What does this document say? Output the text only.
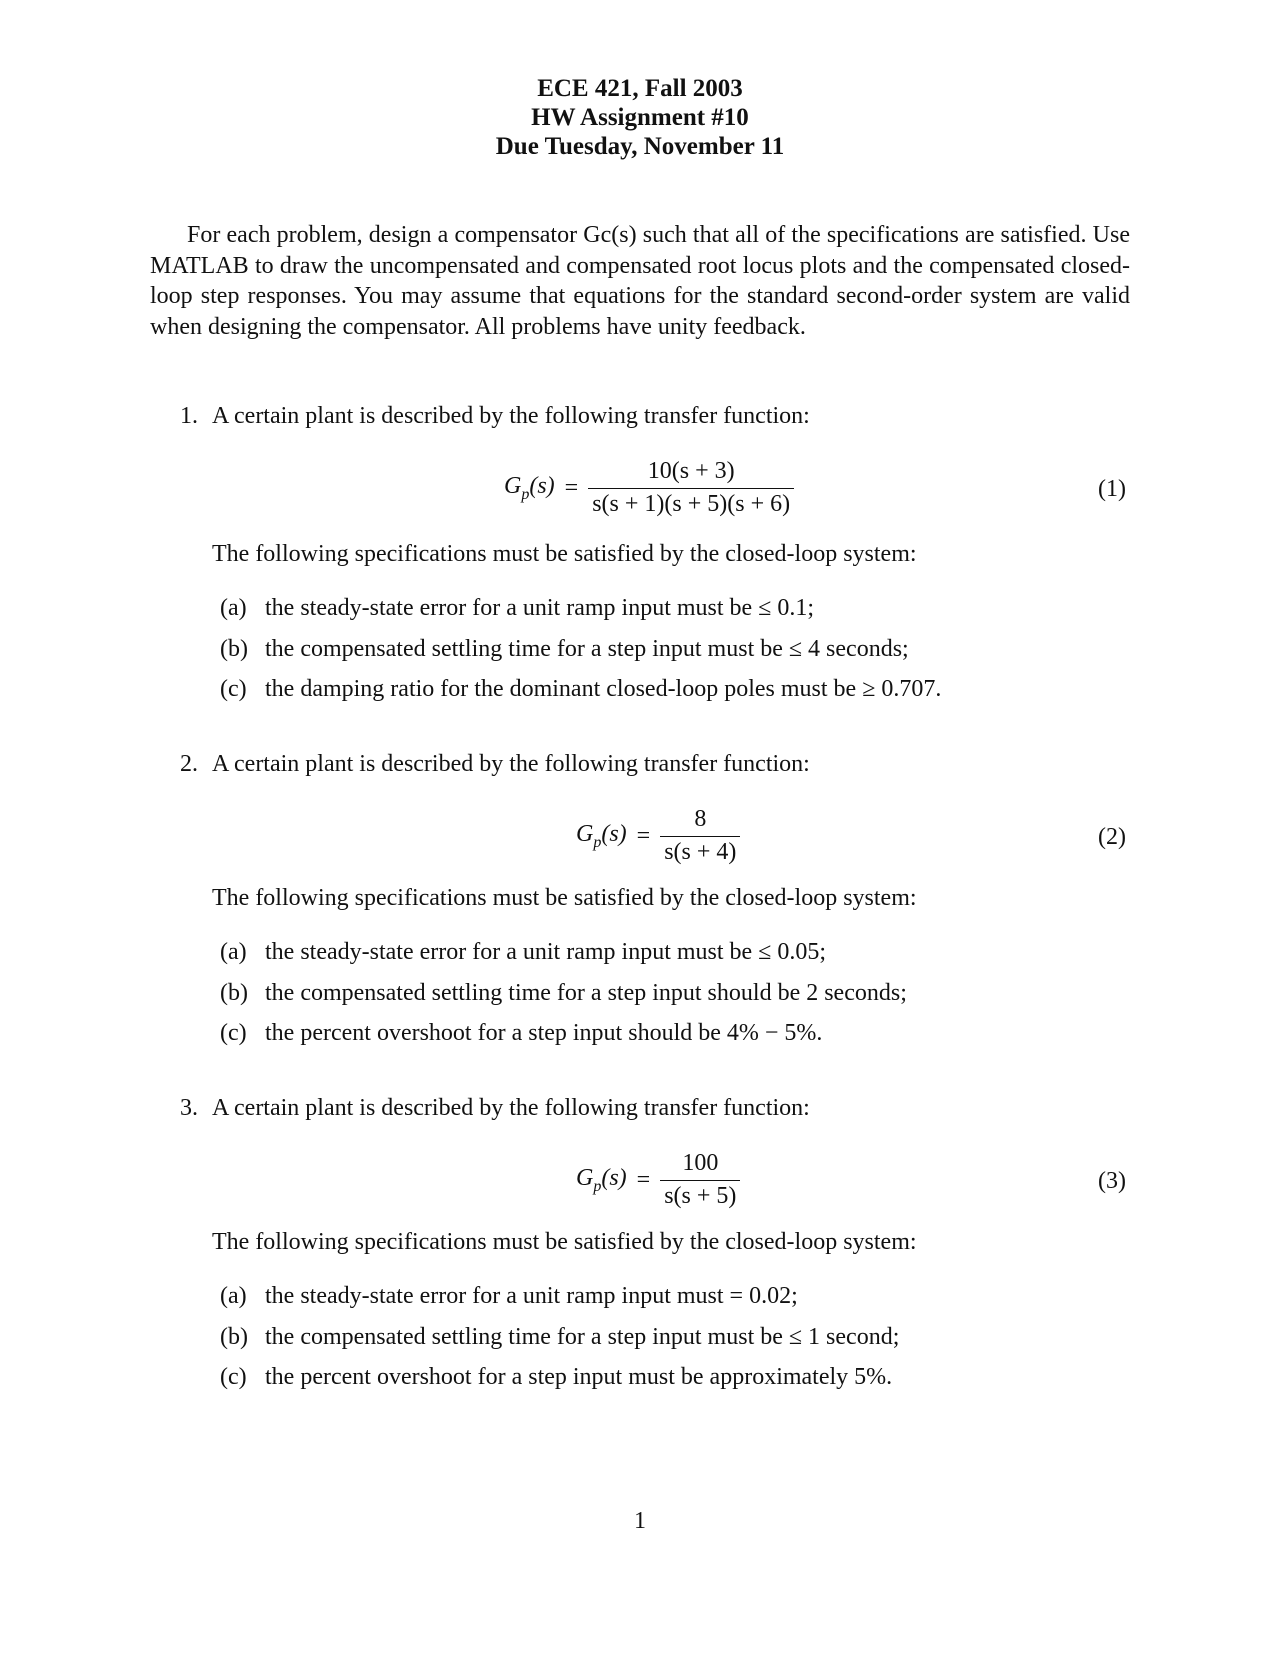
ECE 421, Fall 2003
HW Assignment #10
Due Tuesday, November 11
For each problem, design a compensator Gc(s) such that all of the specifications are satisfied. Use MATLAB to draw the uncompensated and compensated root locus plots and the compensated closed-loop step responses. You may assume that equations for the standard second-order system are valid when designing the compensator. All problems have unity feedback.
1. A certain plant is described by the following transfer function:
$G_p(s) = \frac{10(s + 3)}{s(s + 1)(s + 5)(s + 6)}$	(1)
The following specifications must be satisfied by the closed-loop system:
(a) the steady-state error for a unit ramp input must be ≤ 0.1;
(b) the compensated settling time for a step input must be ≤ 4 seconds;
(c) the damping ratio for the dominant closed-loop poles must be ≥ 0.707.
2. A certain plant is described by the following transfer function:
$G_p(s) = \frac{8}{s(s + 4)}$	(2)
The following specifications must be satisfied by the closed-loop system:
(a) the steady-state error for a unit ramp input must be ≤ 0.05;
(b) the compensated settling time for a step input should be 2 seconds;
(c) the percent overshoot for a step input should be 4% − 5%.
3. A certain plant is described by the following transfer function:
$G_p(s) = \frac{100}{s(s + 5)}$	(3)
The following specifications must be satisfied by the closed-loop system:
(a) the steady-state error for a unit ramp input must = 0.02;
(b) the compensated settling time for a step input must be ≤ 1 second;
(c) the percent overshoot for a step input must be approximately 5%.
1
